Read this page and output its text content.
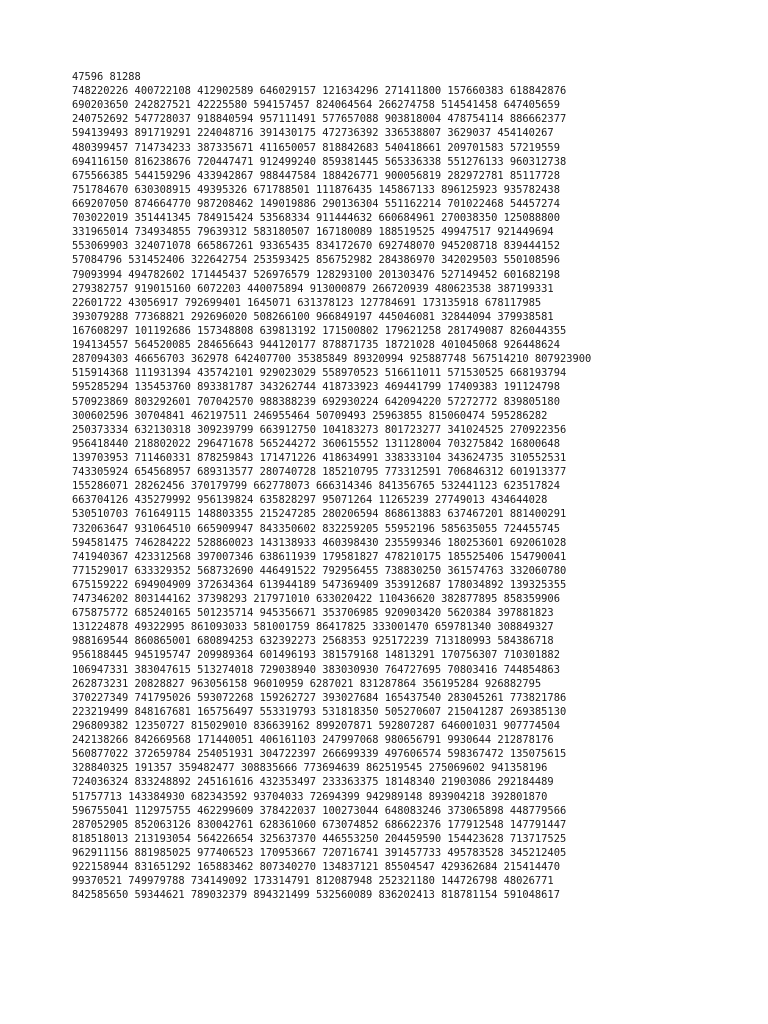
47596 81288
748220226 400722108 412902589 646029157 121634296 271411800 157660383 618842876
690203650 242827521 42225580 594157457 824064564 266274758 514541458 647405659
240752692 547728037 918840594 957111491 577657088 903818004 478754114 886662377
594139493 891719291 224048716 391430175 472736392 336538807 3629037 454140267
480399457 714734233 387335671 411650057 818842683 540418661 209701583 57219559
694116150 816238676 720447471 912499240 859381445 565336338 551276133 960312738
675566385 544159296 433942867 988447584 188426771 900056819 282972781 85117728
751784670 630308915 49395326 671788501 111876435 145867133 896125923 935782438
669207050 874664770 987208462 149019886 290136304 551162214 701022468 54457274
703022019 351441345 784915424 53568334 911444632 660684961 270038350 125088800
331965014 734934855 79639312 583180507 167180089 188519525 49947517 921449694
553069903 324071078 665867261 93365435 834172670 692748070 945208718 839444152
57084796 531452406 322642754 253593425 856752982 284386970 342029503 550108596
79093994 494782602 171445437 526976579 128293100 201303476 527149452 601682198
279382757 919015160 6072203 440075894 913000879 266720939 480623538 387199331
22601722 43056917 792699401 1645071 631378123 127784691 173135918 678117985
393079288 77368821 292696020 508266100 966849197 445046081 32844094 379938581
167608297 101192686 157348808 639813192 171500802 179621258 281749087 826044355
194134557 564520085 284656643 944120177 878871735 18721028 401045068 926448624
287094303 46656703 362978 642407700 35385849 89320994 925887748 567514210 807923900
515914368 111931394 435742101 929023029 558970523 516611011 571530525 668193794
595285294 135453760 893381787 343262744 418733923 469441799 17409383 191124798
570923869 803292601 707042570 988388239 692930224 642094220 57272772 839805180
300602596 30704841 462197511 246955464 50709493 25963855 815060474 595286282
250373334 632130318 309239799 663912750 104183273 801723277 341024525 270922356
956418440 218802022 296471678 565244272 360615552 131128004 703275842 16800648
139703953 711460331 878259843 171471226 418634991 338333104 343624735 310552531
743305924 654568957 689313577 280740728 185210795 773312591 706846312 601913377
155286071 28262456 370179799 662778073 666314346 841356765 532441123 623517824
663704126 435279992 956139824 635828297 95071264 11265239 27749013 434644028
530510703 761649115 148803355 215247285 280206594 868613883 637467201 881400291
732063647 931064510 665909947 843350602 832259205 55952196 585635055 724455745
594581475 746284222 528860023 143138933 460398430 235599346 180253601 692061028
741940367 423312568 397007346 638611939 179581827 478210175 185525406 154790041
771529017 633329352 568732690 446491522 792956455 738830250 361574763 332060780
675159222 694904909 372634364 613944189 547369409 353912687 178034892 139325355
747346202 803144162 37398293 217971010 633020422 110436620 382877895 858359906
675875772 685240165 501235714 945356671 353706985 920903420 5620384 397881823
131224878 49322995 861093033 581001759 86417825 333001470 659781340 308849327
988169544 860865001 680894253 632392273 2568353 925172239 713180993 584386718
956188445 945195747 209989364 601496193 381579168 14813291 170756307 710301882
106947331 383047615 513274018 729038940 383030930 764727695 70803416 744854863
262873231 20828827 963056158 96010959 6287021 831287864 356195284 926882795
370227349 741795026 593072268 159262727 393027684 165437540 283045261 773821786
223219499 848167681 165756497 553319793 531818350 505270607 215041287 269385130
296809382 12350727 815029010 836639162 899207871 592807287 646001031 907774504
242138266 842669568 171440051 406161103 247997068 980656791 9930644 212878176
560877022 372659784 254051931 304722397 266699339 497606574 598367472 135075615
328840325 191357 359482477 308835666 773694639 862519545 275069602 941358196
724036324 833248892 245161616 432353497 233363375 18148340 21903086 292184489
51757713 143384930 682343592 93704033 72694399 942989148 893904218 392801870
596755041 112975755 462299609 378422037 100273044 648083246 373065898 448779566
287052905 852063126 830042761 628361060 673074852 686622376 177912548 147791447
818518013 213193054 564226654 325637370 446553250 204459590 154423628 713717525
962911156 881985025 977406523 170953667 720716741 391457733 495783528 345212405
922158944 831651292 165883462 807340270 134837121 85504547 429362684 215414470
99370521 749979788 734149092 173314791 812087948 252321180 144726798 48026771
842585650 59344621 789032379 894321499 532560089 836202413 818781154 591048617
